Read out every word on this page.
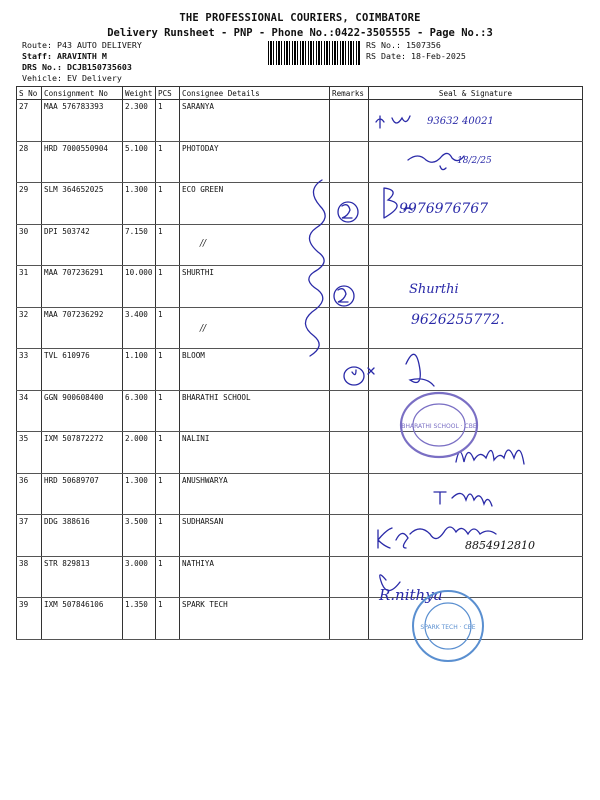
THE PROFESSIONAL COURIERS, COIMBATORE
Delivery Runsheet - PNP - Phone No.:0422-3505555 - Page No.:3
Route: P43 AUTO DELIVERY
Staff: ARAVINTH M
DRS No.: DCJB150735603
Vehicle: EV Delivery
RS No.: 1507356
RS Date: 18-Feb-2025
S No	Consignment No	Weight	PCS	Consignee Details	Remarks	Seal & Signature
27	MAA 576783393	2.300	1	SARANYA		93632 40021

28	HRD 7000550904	5.100	1	PHOTODAY		18/2/25

29	SLM 364652025	1.300	1	ECO GREEN		9976976767

30	DPI 503742	7.150	1	//		

31	MAA 707236291	10.000	1	SHURTHI		Shurthi

32	MAA 707236292	3.400	1	//		9626255772.

33	TVL 610976	1.100	1	BLOOM		
34	GGN 900608400	6.300	1	BHARATHI SCHOOL		
35	IXM 507872272	2.000	1	NALINI		
36	HRD 50689707	1.300	1	ANUSHWARYA		
37	DDG 388616	3.500	1	SUDHARSAN		8854912810

38	STR 829813	3.000	1	NATHIYA		
39	IXM 507846106	1.350	1	SPARK TECH		R.nithya
BHARATHI SCHOOL · CBE
SPARK TECH · CBE
